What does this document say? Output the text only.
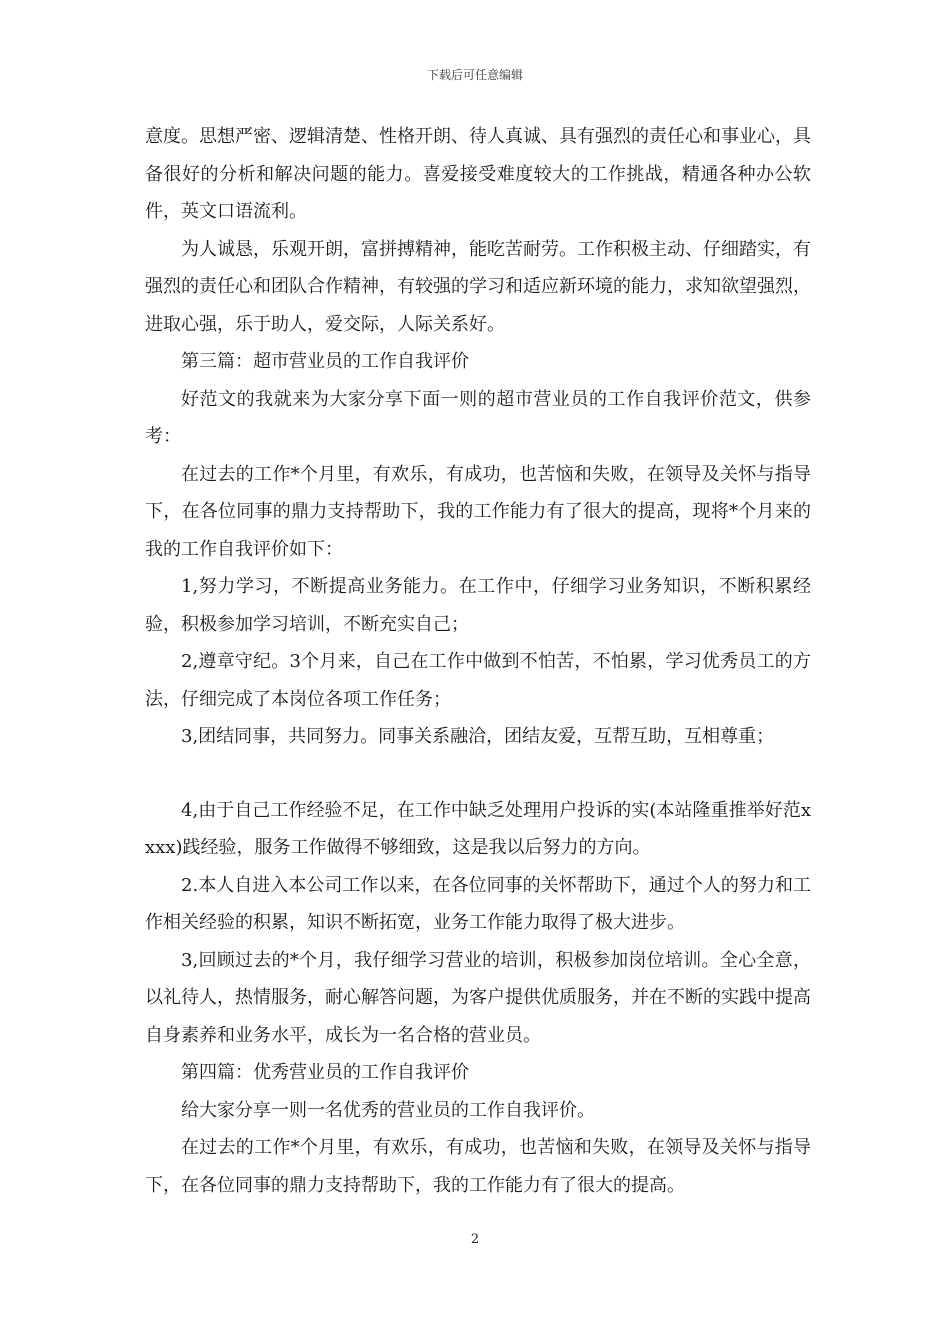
下载后可任意编辑

意度。思想严密、逻辑清楚、性格开朗、待人真诚、具有强烈的责任心和事业心，具备很好的分析和解决问题的能力。喜爱接受难度较大的工作挑战，精通各种办公软件，英文口语流利。

为人诚恳，乐观开朗，富拼搏精神，能吃苦耐劳。工作积极主动、仔细踏实，有强烈的责任心和团队合作精神，有较强的学习和适应新环境的能力，求知欲望强烈，进取心强，乐于助人，爱交际，人际关系好。

第三篇：超市营业员的工作自我评价

好范文的我就来为大家分享下面一则的超市营业员的工作自我评价范文，供参考：

在过去的工作*个月里，有欢乐，有成功，也苦恼和失败，在领导及关怀与指导下，在各位同事的鼎力支持帮助下，我的工作能力有了很大的提高，现将*个月来的我的工作自我评价如下：

1,努力学习，不断提高业务能力。在工作中，仔细学习业务知识，不断积累经验，积极参加学习培训，不断充实自己；

2,遵章守纪。3个月来，自己在工作中做到不怕苦，不怕累，学习优秀员工的方法，仔细完成了本岗位各项工作任务；

3,团结同事，共同努力。同事关系融洽，团结友爱，互帮互助，互相尊重；

4,由于自己工作经验不足，在工作中缺乏处理用户投诉的实(本站隆重推举好范xxxx)践经验，服务工作做得不够细致，这是我以后努力的方向。

2.本人自进入本公司工作以来，在各位同事的关怀帮助下，通过个人的努力和工作相关经验的积累，知识不断拓宽，业务工作能力取得了极大进步。

3,回顾过去的*个月，我仔细学习营业的培训，积极参加岗位培训。全心全意，以礼待人，热情服务，耐心解答问题，为客户提供优质服务，并在不断的实践中提高自身素养和业务水平，成长为一名合格的营业员。

第四篇：优秀营业员的工作自我评价

给大家分享一则一名优秀的营业员的工作自我评价。

在过去的工作*个月里，有欢乐，有成功，也苦恼和失败，在领导及关怀与指导下，在各位同事的鼎力支持帮助下，我的工作能力有了很大的提高。

2
